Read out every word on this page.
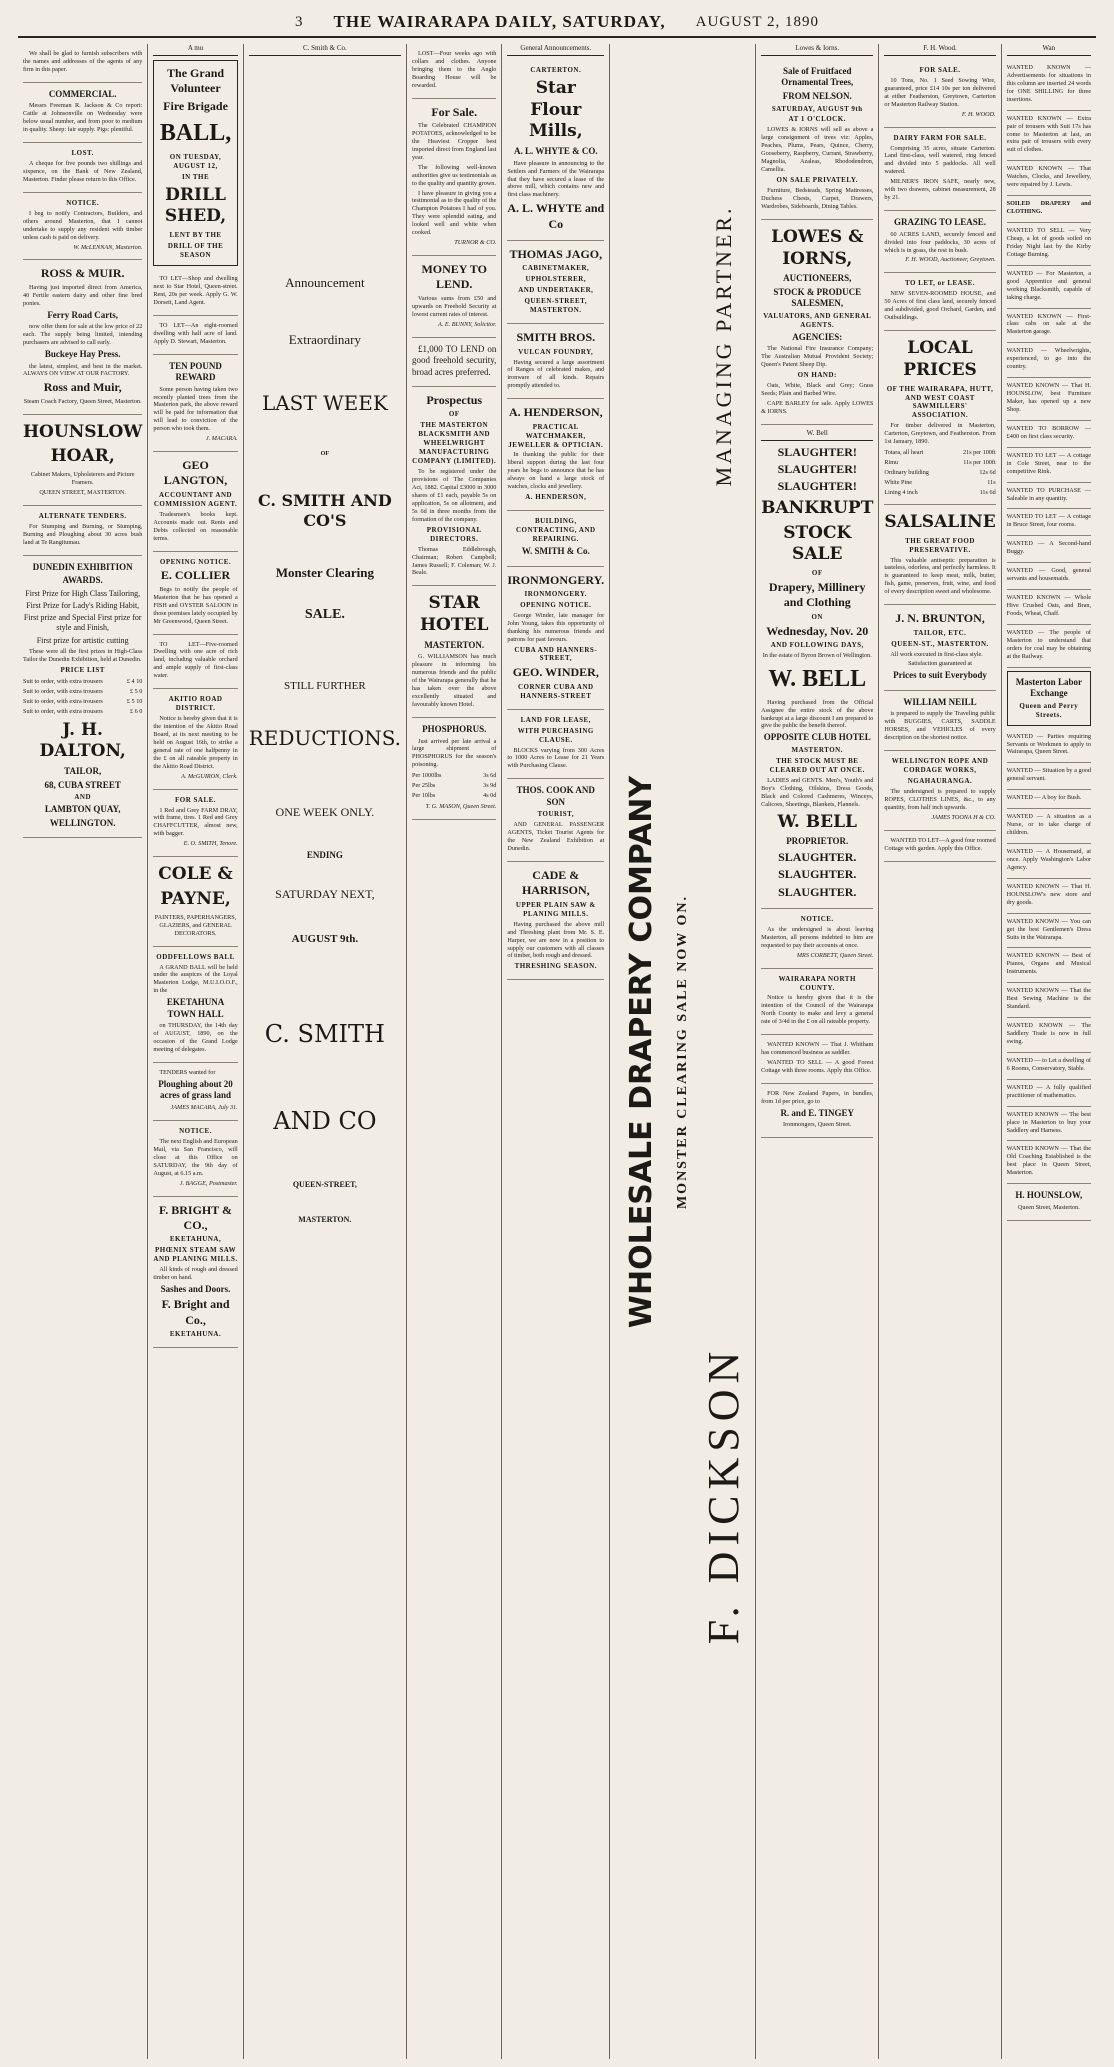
3 THE WAIRARAPA DAILY, SATURDAY, AUGUST 2, 1890

We shall be glad to furnish subscribers with the names and addresses of the agents of any firm in this paper.

COMMERCIAL.

Messrs Freeman R. Jackson & Co report: Cattle at Johnsonville on Wednesday were below usual number, and from poor to medium in quality. Sheep: fair supply. Pigs: plentiful.

LOST.

A cheque for five pounds two shillings and sixpence, on the Bank of New Zealand, Masterton. Finder please return to this Office.

NOTICE.

I beg to notify Contractors, Builders, and others around Masterton, that I cannot undertake to supply any resident with timber unless cash is paid on delivery.

W. McLENNAN, Masterton.

ROSS & MUIR.

Having just imported direct from America, 40 Fertile eastern dairy and other fine bred ponies.

Ferry Road Carts,

now offer them for sale at the low price of 22 each. The supply being limited, intending purchasers are advised to call early.

Buckeye Hay Press.

the latest, simplest, and best in the market. ALWAYS ON VIEW AT OUR FACTORY.

Ross and Muir,

Steam Coach Factory, Queen Street, Masterton.

HOUNSLOW
HOAR,

Cabinet Makers, Upholsterers and Picture Framers.

QUEEN STREET, MASTERTON.

ALTERNATE TENDERS.

For Stumping and Burning, or Stumping, Burning and Ploughing about 30 acres bush land at Te Rangitumau.

DUNEDIN EXHIBITION
AWARDS.

First Prize for High Class Tailoring,

First Prize for Lady's Riding Habit,

First prize and Special First prize for style and Finish,

First prize for artistic cutting

These were all the first prizes in High-Class Tailor the Dunedin Exhibition, held at Dunedin.

PRICE LIST
Suit to order, with extra trousers	£ 4 10
Suit to order, with extra trousers	£ 5 0
Suit to order, with extra trousers	£ 5 10
Suit to order, with extra trousers	£ 6 0
J. H. DALTON,
TAILOR,
68, CUBA STREET
AND
LAMBTON QUAY,
WELLINGTON.
A mu
The Grand Volunteer
Fire Brigade
BALL,
ON TUESDAY, AUGUST 12,
IN THE
DRILL SHED,
LENT BY THE
DRILL OF THE SEASON

TO LET—Shop and dwelling next to Star Hotel, Queen-street. Rent, 20s per week. Apply G. W. Dorsett, Land Agent.

TO LET—An eight-roomed dwelling with half acre of land. Apply D. Stewart, Masterton.

TEN POUND REWARD

Some person having taken two recently planted trees from the Masterton park, the above reward will be paid for information that will lead to conviction of the person who took them.

J. MACARA.

GEO LANGTON,
ACCOUNTANT AND COMMISSION AGENT.

Tradesmen's books kept. Accounts made out. Rents and Debts collected on reasonable terms.

OPENING NOTICE.
E. COLLIER

Begs to notify the people of Masterton that he has opened a FISH and OYSTER SALOON in those premises lately occupied by Mr Greenwood, Queen Street.

TO LET—Five-roomed Dwelling with one acre of rich land, including valuable orchard and ample supply of first-class water.

AKITIO ROAD DISTRICT.

Notice is hereby given that it is the intention of the Akitio Road Board, at its next meeting to be held on August 16th, to strike a general rate of one halfpenny in the £ on all rateable property in the Akitio Road District.

A. McGUIRON, Clerk.

FOR SALE.

1 Red and Grey FARM DRAY, with frame, tires. 1 Red and Grey CHAFFCUTTER, almost new, with bagger.

E. O. SMITH, Tenore.

COLE &
PAYNE,

PAINTERS, PAPERHANGERS, GLAZIERS, and GENERAL DECORATORS.

ODDFELLOWS BALL

A GRAND BALL will be held under the auspices of the Loyal Masterton Lodge, M.U.I.O.O.F., in the

EKETAHUNA TOWN HALL

on THURSDAY, the 14th day of AUGUST, 1890, on the occasion of the Grand Lodge meeting of delegates.

TENDERS wanted for

Ploughing about 20 acres of grass land

JAMES MACARA, July 31.

NOTICE.

The next English and European Mail, via San Francisco, will close at this Office on SATURDAY, the 9th day of August, at 6.15 a.m.

J. BAGGE, Postmaster.

F. BRIGHT & CO.,
EKETAHUNA,
PHŒNIX STEAM SAW AND PLANING MILLS.

All kinds of rough and dressed timber on hand.

Sashes and Doors.
F. Bright and Co.,
EKETAHUNA.
C. Smith & Co.
Announcement
Extraordinary
LAST WEEK
OF
C. SMITH AND CO'S
Monster Clearing
SALE.
STILL FURTHER
REDUCTIONS.
ONE WEEK ONLY.
ENDING
SATURDAY NEXT,
AUGUST 9th.
C. SMITH
AND CO
QUEEN-STREET,
MASTERTON.

LOST—Four weeks ago with collars and clothes. Anyone bringing them to the Anglo Boarding House will be rewarded.

For Sale.

The Celebrated CHAMPION POTATOES, acknowledged to be the Heaviest Cropper best imported direct from England last year.

The following well-known authorities give us testimonials as to the quality and quantity grown.

I have pleasure in giving you a testimonial as to the quality of the Champion Potatoes I had of you. They were splendid eating, and looked well and white when cooked.

TURNOR & CO.

MONEY TO LEND.

Various sums from £50 and upwards on Freehold Security at lowest current rates of interest.

A. E. BUNNY, Solicitor.

£1,000 TO LEND on good freehold security, broad acres preferred.

Prospectus
OF
THE MASTERTON BLACKSMITH AND WHEELWRIGHT MANUFACTURING COMPANY (LIMITED).

To be registered under the provisions of The Companies Act, 1882. Capital £3000 in 3000 shares of £1 each, payable 5s on application, 5s on allotment, and 5s 6d in three months from the formation of the company.

PROVISIONAL DIRECTORS.

Thomas Eddlebrough, Chairman; Robert Campbell; James Russell; F. Coleman; W. J. Beale.

STAR HOTEL
MASTERTON.

G. WILLIAMSON has much pleasure in informing his numerous friends and the public of the Wairarapa generally that he has taken over the above excellently situated and favourably known Hotel.

PHOSPHORUS.

Just arrived per late arrival a large shipment of PHOSPHORUS for the season's poisoning.

Per 1000lbs	3s 6d
Per 25lbs	3s 9d
Per 10lbs	4s 0d

T. G. MASON, Queen Street.

General Announcements.
CARTERTON.
Star Flour Mills,
A. L. WHYTE & CO.

Have pleasure in announcing to the Settlers and Farmers of the Wairarapa that they have secured a lease of the above mill, which contains new and first class machinery.

A. L. WHYTE and Co
THOMAS JAGO,
CABINETMAKER,
UPHOLSTERER,
AND UNDERTAKER,
QUEEN-STREET, MASTERTON.
SMITH BROS.
VULCAN FOUNDRY,

Having secured a large assortment of Ranges of celebrated makes, and ironware of all kinds. Repairs promptly attended to.

A. HENDERSON,
PRACTICAL WATCHMAKER, JEWELLER & OPTICIAN.

In thanking the public for their liberal support during the last four years he begs to announce that he has always on hand a large stock of watches, clocks and jewellery.

A. HENDERSON,
BUILDING, CONTRACTING, AND REPAIRING.
W. SMITH & Co.
IRONMONGERY.
IRONMONGERY.
OPENING NOTICE.

George Winder, late manager for John Young, takes this opportunity of thanking his numerous friends and patrons for past favours.

CUBA AND HANNERS-STREET,
GEO. WINDER,
CORNER CUBA AND HANNERS-STREET
LAND FOR LEASE,
WITH PURCHASING CLAUSE.

BLOCKS varying from 300 Acres to 1000 Acres to Lease for 21 Years with Purchasing Clause.

THOS. COOK AND SON
TOURIST,

AND GENERAL PASSENGER AGENTS, Ticket Tourist Agents for the New Zealand Exhibition at Dunedin.

CADE & HARRISON,
UPPER PLAIN SAW & PLANING MILLS.

Having purchased the above mill and Threshing plant from Mr. S. E. Harper, we are now in a position to supply our customers with all classes of timber, both rough and dressed.

THRESHING SEASON. WHOLESALE DRAPERY COMPANY MONSTER CLEARING SALE NOW ON.
F. DICKSON
MANAGING PARTNER.
Lowes & Iorns.
Sale of Fruitfaced Ornamental Trees,
FROM NELSON.
SATURDAY, AUGUST 9th
AT 1 O'CLOCK.

LOWES & IORNS will sell as above a large consignment of trees viz: Apples, Peaches, Plums, Pears, Quince, Cherry, Gooseberry, Raspberry, Currant, Strawberry, Magnolia, Azaleas, Rhododendron, Camellia.

ON SALE PRIVATELY.

Furniture, Bedsteads, Spring Mattresses, Duchess Chests, Carpet, Drawers, Wardrobes, Sideboards, Dining Tables.

LOWES & IORNS,
AUCTIONEERS,
STOCK & PRODUCE SALESMEN,
VALUATORS, AND GENERAL AGENTS.
AGENCIES:

The National Fire Insurance Company; The Australian Mutual Provident Society; Queen's Patent Sheep Dip.

ON HAND:

Oats, White, Black and Grey; Grass Seeds; Plain and Barbed Wire.

CAPE BARLEY for sale. Apply LOWES & IORNS.

W. Bell
SLAUGHTER!
SLAUGHTER!
SLAUGHTER!
BANKRUPT
STOCK SALE
OF
Drapery, Millinery and Clothing
ON
Wednesday, Nov. 20
AND FOLLOWING DAYS,

In the estate of Byron Brown of Wellington.

W. BELL

Having purchased from the Official Assignee the entire stock of the above bankrupt at a large discount I am prepared to give the public the benefit thereof.

OPPOSITE CLUB HOTEL
MASTERTON.
THE STOCK MUST BE CLEARED OUT AT ONCE.

LADIES and GENTS. Men's, Youth's and Boy's Clothing, Oilskins, Dress Goods, Black and Colored Cashmeres, Winceys, Calicoes, Sheetings, Blankets, Flannels.

W. BELL
PROPRIETOR.
SLAUGHTER.
SLAUGHTER.
SLAUGHTER.
NOTICE.

As the undersigned is about leaving Masterton, all persons indebted to him are requested to pay their accounts at once.

MRS CORBETT, Queen Street.

WAIRARAPA NORTH COUNTY.

Notice is hereby given that it is the intention of the Council of the Wairarapa North County to make and levy a general rate of 3/4d in the £ on all rateable property.

WANTED KNOWN — That J. Whitham has commenced business as saddler.

WANTED TO SELL — A good Forest Cottage with three rooms. Apply this Office.

FOR New Zealand Papers, in bundles, from 1d per price, go to

R. and E. TINGEY

Ironmongers, Queen Street.

F. H. Wood.
FOR SALE.

10 Tons, No. 1 Seed Sowing Wire, guaranteed, price £14 10s per ton delivered at either Featherston, Greytown, Carterton or Masterton Railway Station.

F. H. WOOD.

DAIRY FARM FOR SALE.

Comprising 35 acres, situate Carterton. Land first-class, well watered, ring fenced and divided into 5 paddocks. All well watered.

MILNER'S IRON SAFE, nearly new, with two drawers, cabinet measurement, 28 by 21.

GRAZING TO LEASE.

60 ACRES LAND, securely fenced and divided into four paddocks, 30 acres of which is in grass, the rest in bush.

F. H. WOOD, Auctioneer, Greytown.

TO LET, or LEASE.

NEW SEVEN-ROOMED HOUSE, and 50 Acres of first class land, securely fenced and subdivided, good Orchard, Garden, and Outbuildings.

LOCAL PRICES
OF THE WAIRARAPA, HUTT, AND WEST COAST SAWMILLERS' ASSOCIATION.

For timber delivered in Masterton, Carterton, Greytown, and Featherston. From 1st January, 1890.

Totara, all heart	21s per 100ft
Rimu	11s per 100ft
Ordinary building	12s 6d
White Pine	11s
Lining 4 inch	11s 6d
SALSALINE
THE GREAT FOOD PRESERVATIVE.

This valuable antiseptic preparation is tasteless, odorless, and perfectly harmless. It is guaranteed to keep meat, milk, butter, fish, game, preserves, fruit, wine, and food of every description sweet and wholesome.

J. N. BRUNTON,
TAILOR, ETC.
QUEEN-ST., MASTERTON.

All work executed in first-class style.

Satisfaction guaranteed at

Prices to suit Everybody
WILLIAM NEILL

is prepared to supply the Traveling public with BUGGIES, CARTS, SADDLE HORSES, and VEHICLES of every description on the shortest notice.

WELLINGTON ROPE AND CORDAGE WORKS,
NGAHAURANGA.

The undersigned is prepared to supply ROPES, CLOTHES LINES, &c., to any quantity, from half inch upwards.

JAMES TOONA H & CO.

WANTED TO LET—A good four roomed Cottage with garden. Apply this Office.

Wan

WANTED KNOWN — Advertisements for situations in this column are inserted 24 words for ONE SHILLING for three insertions.

WANTED KNOWN — Extra pair of trousers with Suit 17s has come to Masterton at last, an extra pair of trousers with every suit of clothes.

WANTED KNOWN — That Watches, Clocks, and Jewellery, were repaired by J. Lewis.

SOILED DRAPERY and CLOTHING.

WANTED TO SELL — Very Cheap, a lot of goods soiled on Friday Night last by the Kirby Cottage Burning.

WANTED — For Masterton, a good Apprentice and general working Blacksmith, capable of taking charge.

WANTED KNOWN — First-class cabs on sale at the Masterton garage.

WANTED — Wheelwrights, experienced, to go into the country.

WANTED KNOWN — That H. HOUNSLOW, best Furniture Maker, has opened up a new Shop.

WANTED TO BORROW — £400 on first class security.

WANTED TO LET — A cottage in Cole Street, near to the competitive Rink.

WANTED TO PURCHASE — Saleable in any quantity.

WANTED TO LET — A cottage in Bruce Street, four rooms.

WANTED — A Second-hand Buggy.

WANTED — Good, general servants and housemaids.

WANTED KNOWN — Whole Hive Crushed Oats, and Bran, Foods, Wheat, Chaff.

WANTED — The people of Masterton to understand that orders for coal may be obtaining at the Railway.

Masterton Labor Exchange
Queen and Perry Streets.

WANTED — Parties requiring Servants or Workmen to apply to Wairarapa, Queen Street.

WANTED — Situation by a good general servant.

WANTED — A boy for Bush.

WANTED — A situation as a Nurse, or to take charge of children.

WANTED — A Housemaid, at once. Apply Washington's Labor Agency.

WANTED KNOWN — That H. HOUNSLOW's new store and dry goods.

WANTED KNOWN — You can get the best Gentlemen's Dress Suits in the Wairarapa.

WANTED KNOWN — Best of Pianos, Organs and Musical Instruments.

WANTED KNOWN — That the Best Sewing Machine is the Standard.

WANTED KNOWN — The Saddlery Trade is now in full swing.

WANTED — to Let a dwelling of 6 Rooms, Conservatory, Stable.

WANTED — A fully qualified practitioner of mathematics.

WANTED KNOWN — The best place in Masterton to buy your Saddlery and Harness.

WANTED KNOWN — That the Old Coaching Established is the best place in Queen Street, Masterton.

H. HOUNSLOW,

Queen Street, Masterton.
